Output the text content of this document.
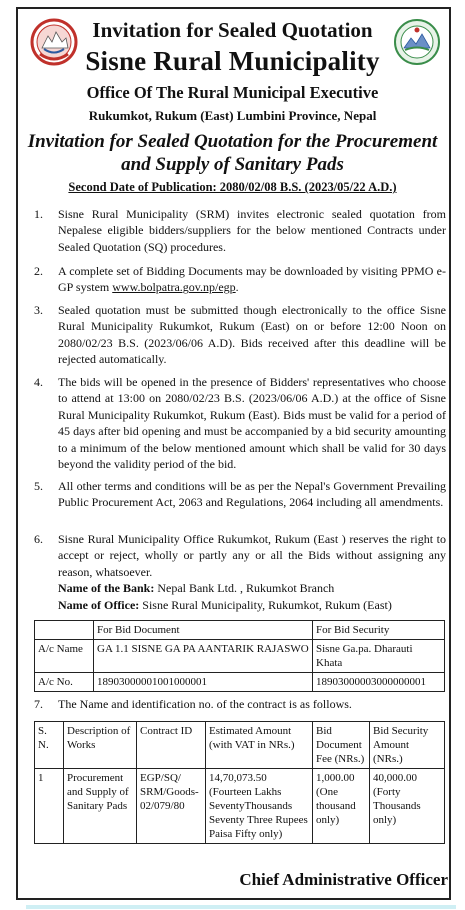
Invitation for Sealed Quotation
Sisne Rural Municipality
Office Of The Rural Municipal Executive
Rukumkot, Rukum (East) Lumbini Province, Nepal
Invitation for Sealed Quotation for the Procurement
and Supply of Sanitary Pads
Second Date of Publication: 2080/02/08 B.S. (2023/05/22 A.D.)
1. Sisne Rural Municipality (SRM) invites electronic sealed quotation from Nepalese eligible bidders/suppliers for the below mentioned Contracts under Sealed Quotation (SQ) procedures.
2. A complete set of Bidding Documents may be downloaded by visiting PPMO e-GP system www.bolpatra.gov.np/egp.
3. Sealed quotation must be submitted though electronically to the office Sisne Rural Municipality Rukumkot, Rukum (East) on or before 12:00 Noon on 2080/02/23 B.S. (2023/06/06 A.D). Bids received after this deadline will be rejected automatically.
4. The bids will be opened in the presence of Bidders' representatives who choose to attend at 13:00 on 2080/02/23 B.S. (2023/06/06 A.D.) at the office of Sisne Rural Municipality Rukumkot, Rukum (East). Bids must be valid for a period of 45 days after bid opening and must be accompanied by a bid security amounting to a minimum of the below mentioned amount which shall be valid for 30 days beyond the validity period of the bid.
5. All other terms and conditions will be as per the Nepal's Government Prevailing Public Procurement Act, 2063 and Regulations, 2064 including all amendments.
6. Sisne Rural Municipality Office Rukumkot, Rukum (East ) reserves the right to accept or reject, wholly or partly any or all the Bids without assigning any reason, whatsoever.
Name of the Bank: Nepal Bank Ltd. , Rukumkot Branch
Name of Office: Sisne Rural Municipality, Rukumkot, Rukum (East)
	For Bid Document	For Bid Security
A/c Name	GA 1.1 SISNE GA PA AANTARIK RAJASWO	Sisne Ga.pa. Dharauti Khata
A/c No.	18903000001001000001	18903000003000000001
7. The Name and identification no. of the contract is as follows.
S. N.	Description of Works	Contract ID	Estimated Amount (with VAT in NRs.)	Bid Document Fee (NRs.)	Bid Security Amount (NRs.)
1	Procurement and Supply of Sanitary Pads	EGP/SQ/ SRM/Goods- 02/079/80	14,70,073.50 (Fourteen Lakhs SeventyThousands Seventy Three Rupees Paisa Fifty only)	1,000.00 (One thousand only)	40,000.00 (Forty Thousands only)
Chief Administrative Officer
